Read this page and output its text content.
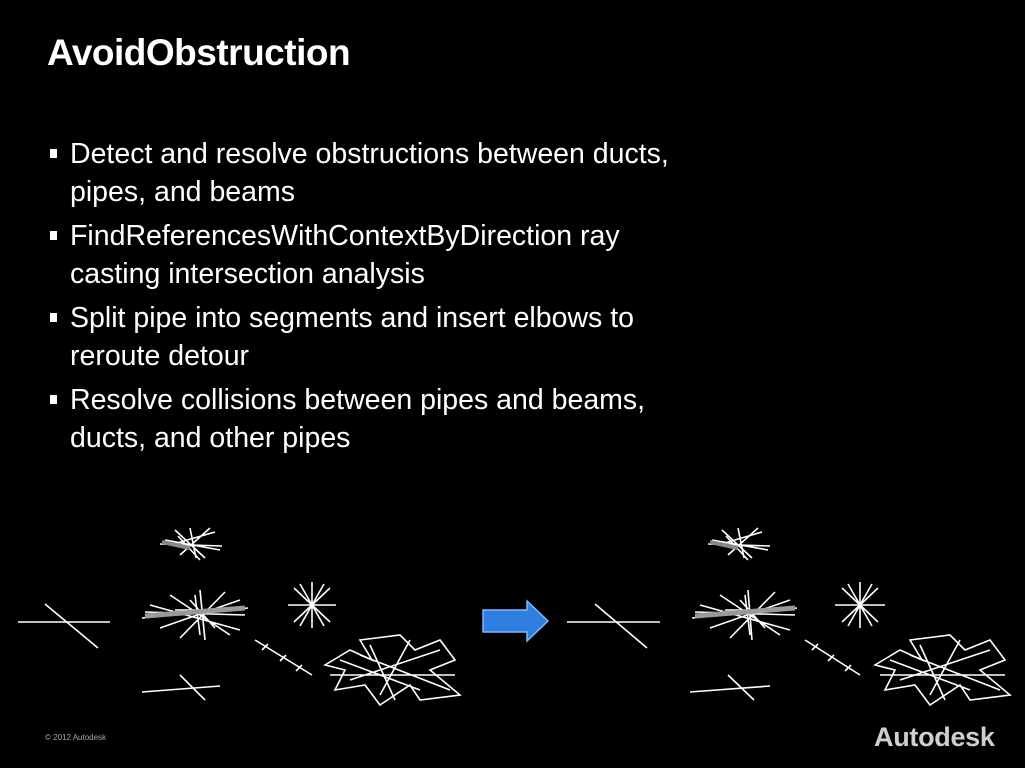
AvoidObstruction
Detect and resolve obstructions between ducts, pipes, and beams
FindReferencesWithContextByDirection ray casting intersection analysis
Split pipe into segments and insert elbows to reroute detour
Resolve collisions between pipes and beams, ducts, and other pipes
© 2012 Autodesk	Autodesk
